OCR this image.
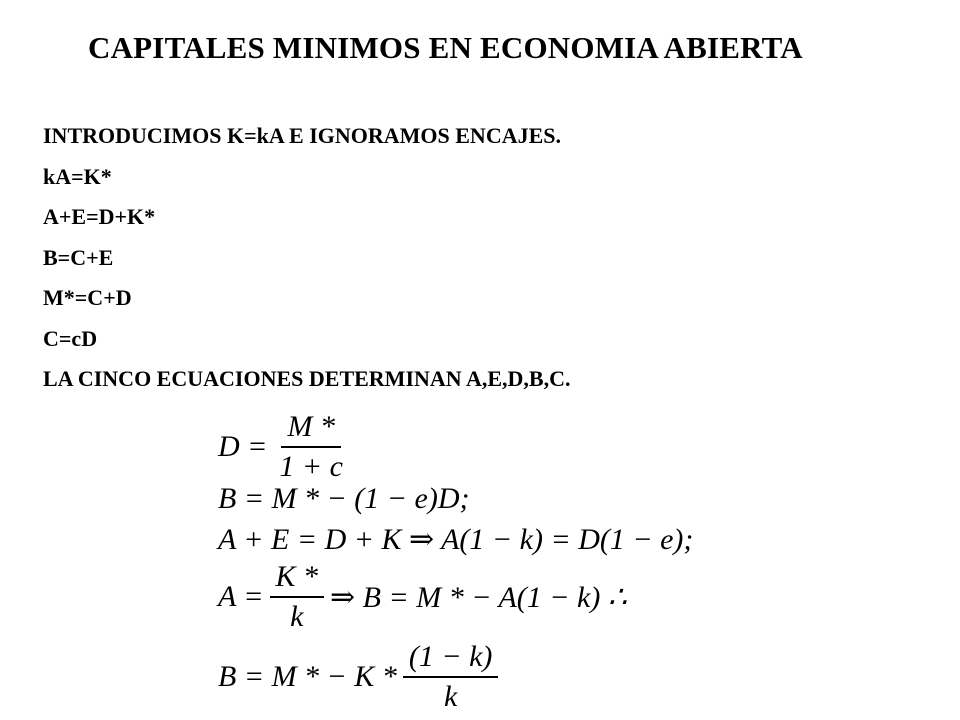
CAPITALES MINIMOS EN ECONOMIA ABIERTA
INTRODUCIMOS K=kA E IGNORAMOS ENCAJES.
kA=K*
A+E=D+K*
B=C+E
M*=C+D
C=cD
LA CINCO ECUACIONES DETERMINAN A,E,D,B,C.
$D = \frac{M *}{1 + c}$
B = M * − (1 − e)D;
A + E = D + K ⇒ A(1 − k) = D(1 − e);
$A = \frac{K *}{k}$ ⇒ B = M * − A(1 − k) ∴
B = M * − K * $\frac{(1 - k)}{k}$
